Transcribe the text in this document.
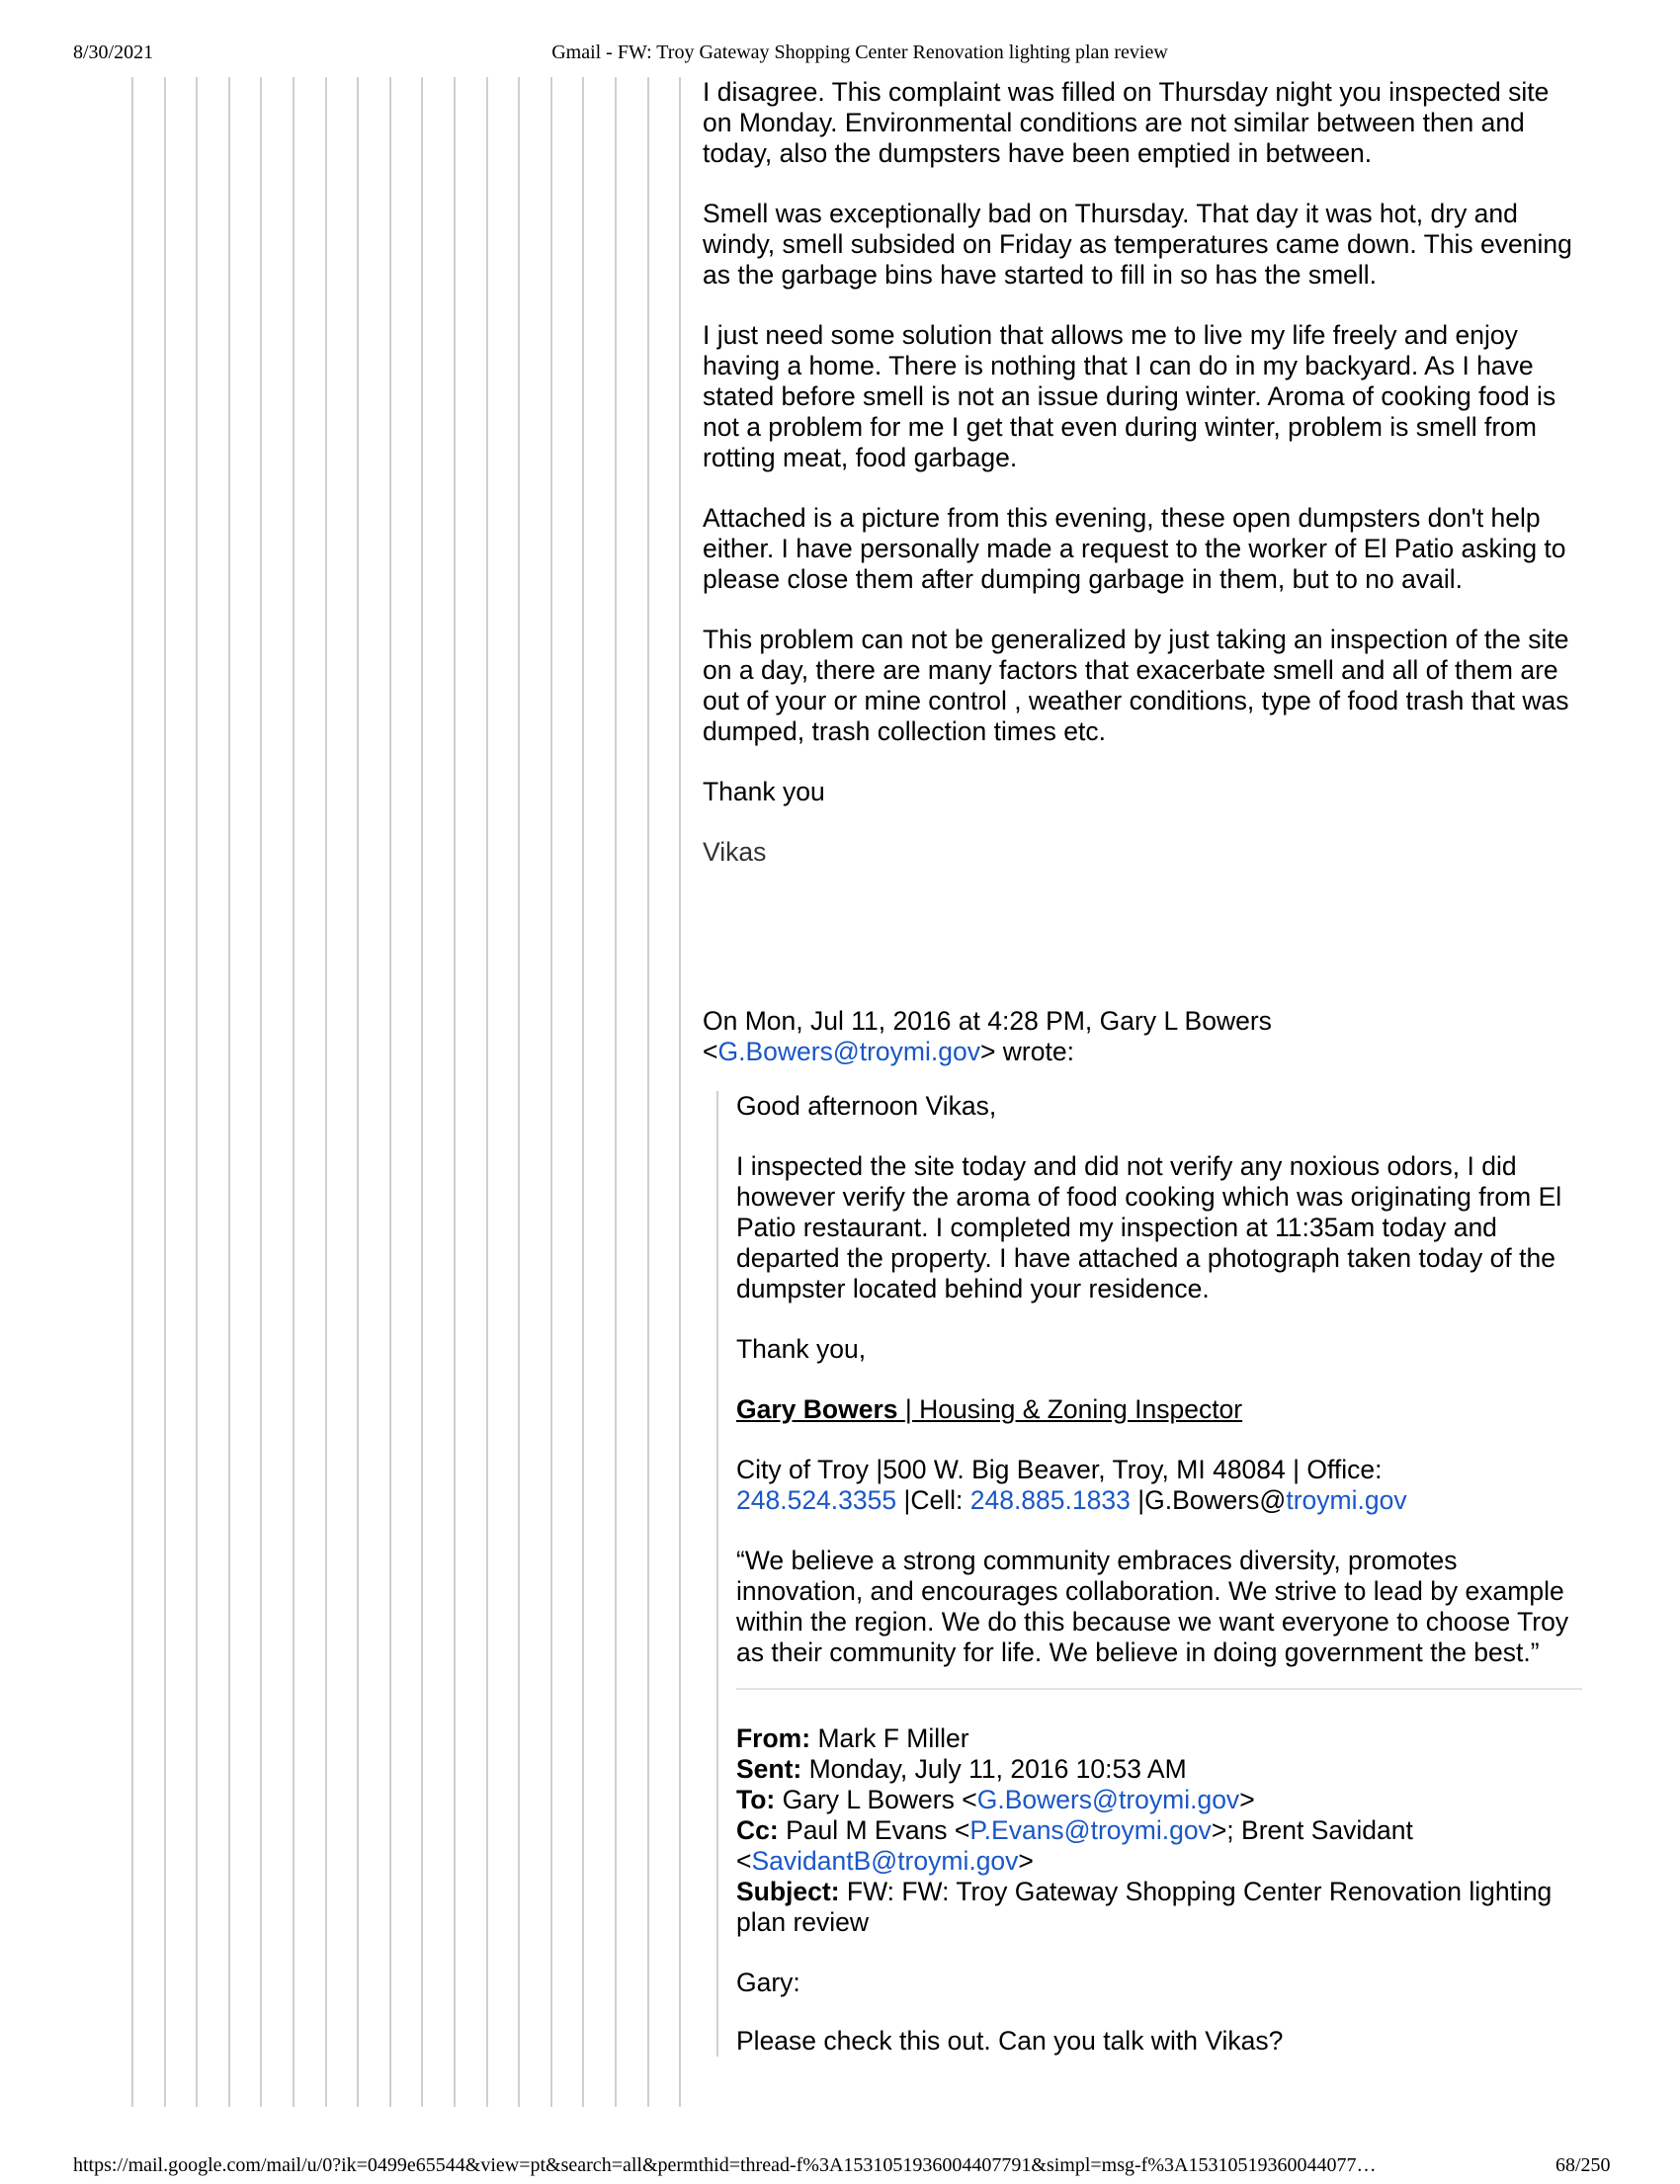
8/30/2021	Gmail - FW: Troy Gateway Shopping Center Renovation lighting plan review

I disagree. This complaint was filled on Thursday night you inspected site on Monday. Environmental conditions are not similar between then and today, also the dumpsters have been emptied in between.

Smell was exceptionally bad on Thursday. That day it was hot, dry and windy, smell subsided on Friday as temperatures came down. This evening as the garbage bins have started to fill in so has the smell.

I just need some solution that allows me to live my life freely and enjoy having a home. There is nothing that I can do in my backyard. As I have stated before smell is not an issue during winter. Aroma of cooking food is not a problem for me I get that even during winter, problem is smell from rotting meat, food garbage.

Attached is a picture from this evening, these open dumpsters don't help either. I have personally made a request to the worker of El Patio asking to please close them after dumping garbage in them, but to no avail.

This problem can not be generalized by just taking an inspection of the site on a day, there are many factors that exacerbate smell and all of them are out of your or mine control , weather conditions, type of food trash that was dumped, trash collection times etc.

Thank you

Vikas

On Mon, Jul 11, 2016 at 4:28 PM, Gary L Bowers
<G.Bowers@troymi.gov> wrote:

Good afternoon Vikas,

I inspected the site today and did not verify any noxious odors, I did however verify the aroma of food cooking which was originating from El Patio restaurant. I completed my inspection at 11:35am today and departed the property. I have attached a photograph taken today of the dumpster located behind your residence.

Thank you,

Gary Bowers | Housing & Zoning Inspector

City of Troy |500 W. Big Beaver, Troy, MI 48084 | Office:
248.524.3355 |Cell: 248.885.1833 |G.Bowers@troymi.gov

“We believe a strong community embraces diversity, promotes innovation, and encourages collaboration. We strive to lead by example within the region. We do this because we want everyone to choose Troy as their community for life. We believe in doing government the best.”

From: Mark F Miller

Sent: Monday, July 11, 2016 10:53 AM

To: Gary L Bowers <G.Bowers@troymi.gov>

Cc: Paul M Evans <P.Evans@troymi.gov>; Brent Savidant <SavidantB@troymi.gov>

Subject: FW: FW: Troy Gateway Shopping Center Renovation lighting plan review

Gary:

Please check this out. Can you talk with Vikas?

https://mail.google.com/mail/u/0?ik=0499e65544&view=pt&search=all&permthid=thread-f%3A1531051936004407791&simpl=msg-f%3A15310519360044077…	68/250
